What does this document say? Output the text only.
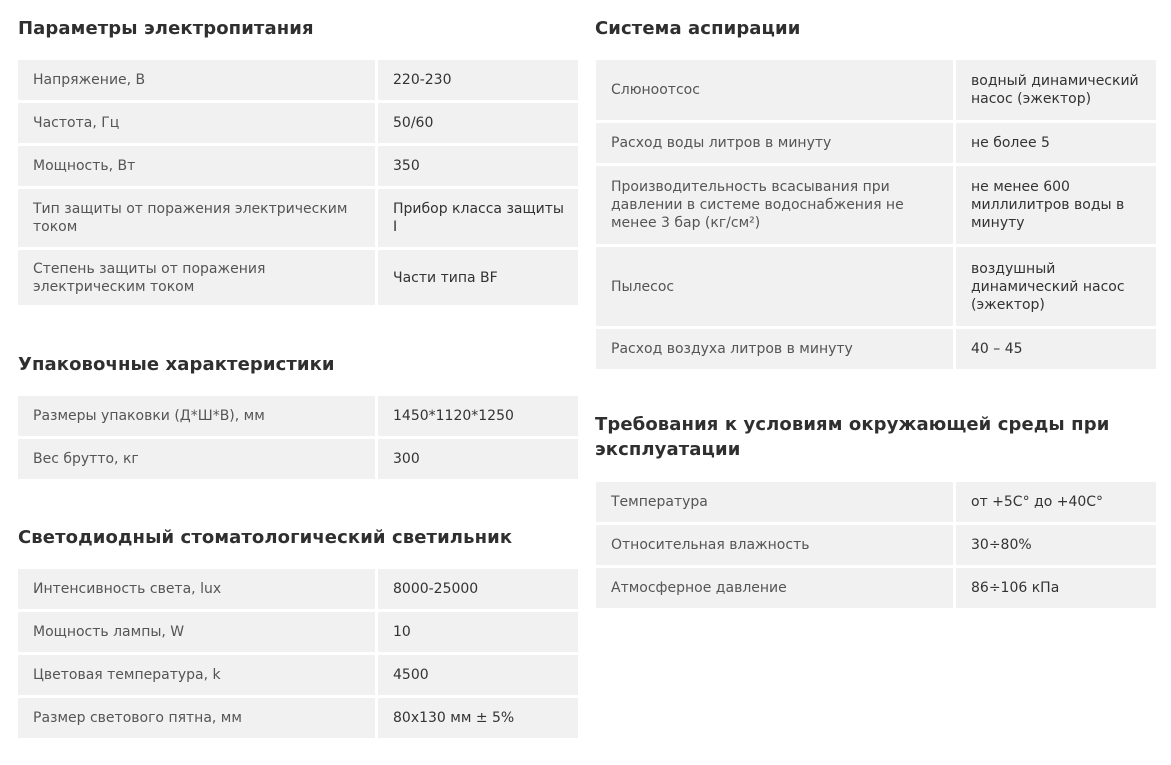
Параметры электропитания
Напряжение, В	220-230
Частота, Гц	50/60
Мощность, Вт	350
Тип защиты от поражения электрическим током	Прибор класса защиты I
Степень защиты от поражения электрическим током	Части типа BF
Упаковочные характеристики
Размеры упаковки (Д*Ш*В), мм	1450*1120*1250
Вес брутто, кг	300
Светодиодный стоматологический светильник
Интенсивность света, lux	8000-25000
Мощность лампы, W	10
Цветовая температура, k	4500
Размер светового пятна, мм	80x130 мм ± 5%
Система аспирации
Слюноотсос	водный динамический насос (эжектор)
Расход воды литров в минуту	не более 5
Производительность всасывания при давлении в системе водоснабжения не менее 3 бар (кг/см²)	не менее 600 миллилитров воды в минуту
Пылесос	воздушный динамический насос (эжектор)
Расход воздуха литров в минуту	40 – 45
Требования к условиям окружающей среды при эксплуатации
Температура	от +5С° до +40С°
Относительная влажность	30÷80%
Атмосферное давление	86÷106 кПа
